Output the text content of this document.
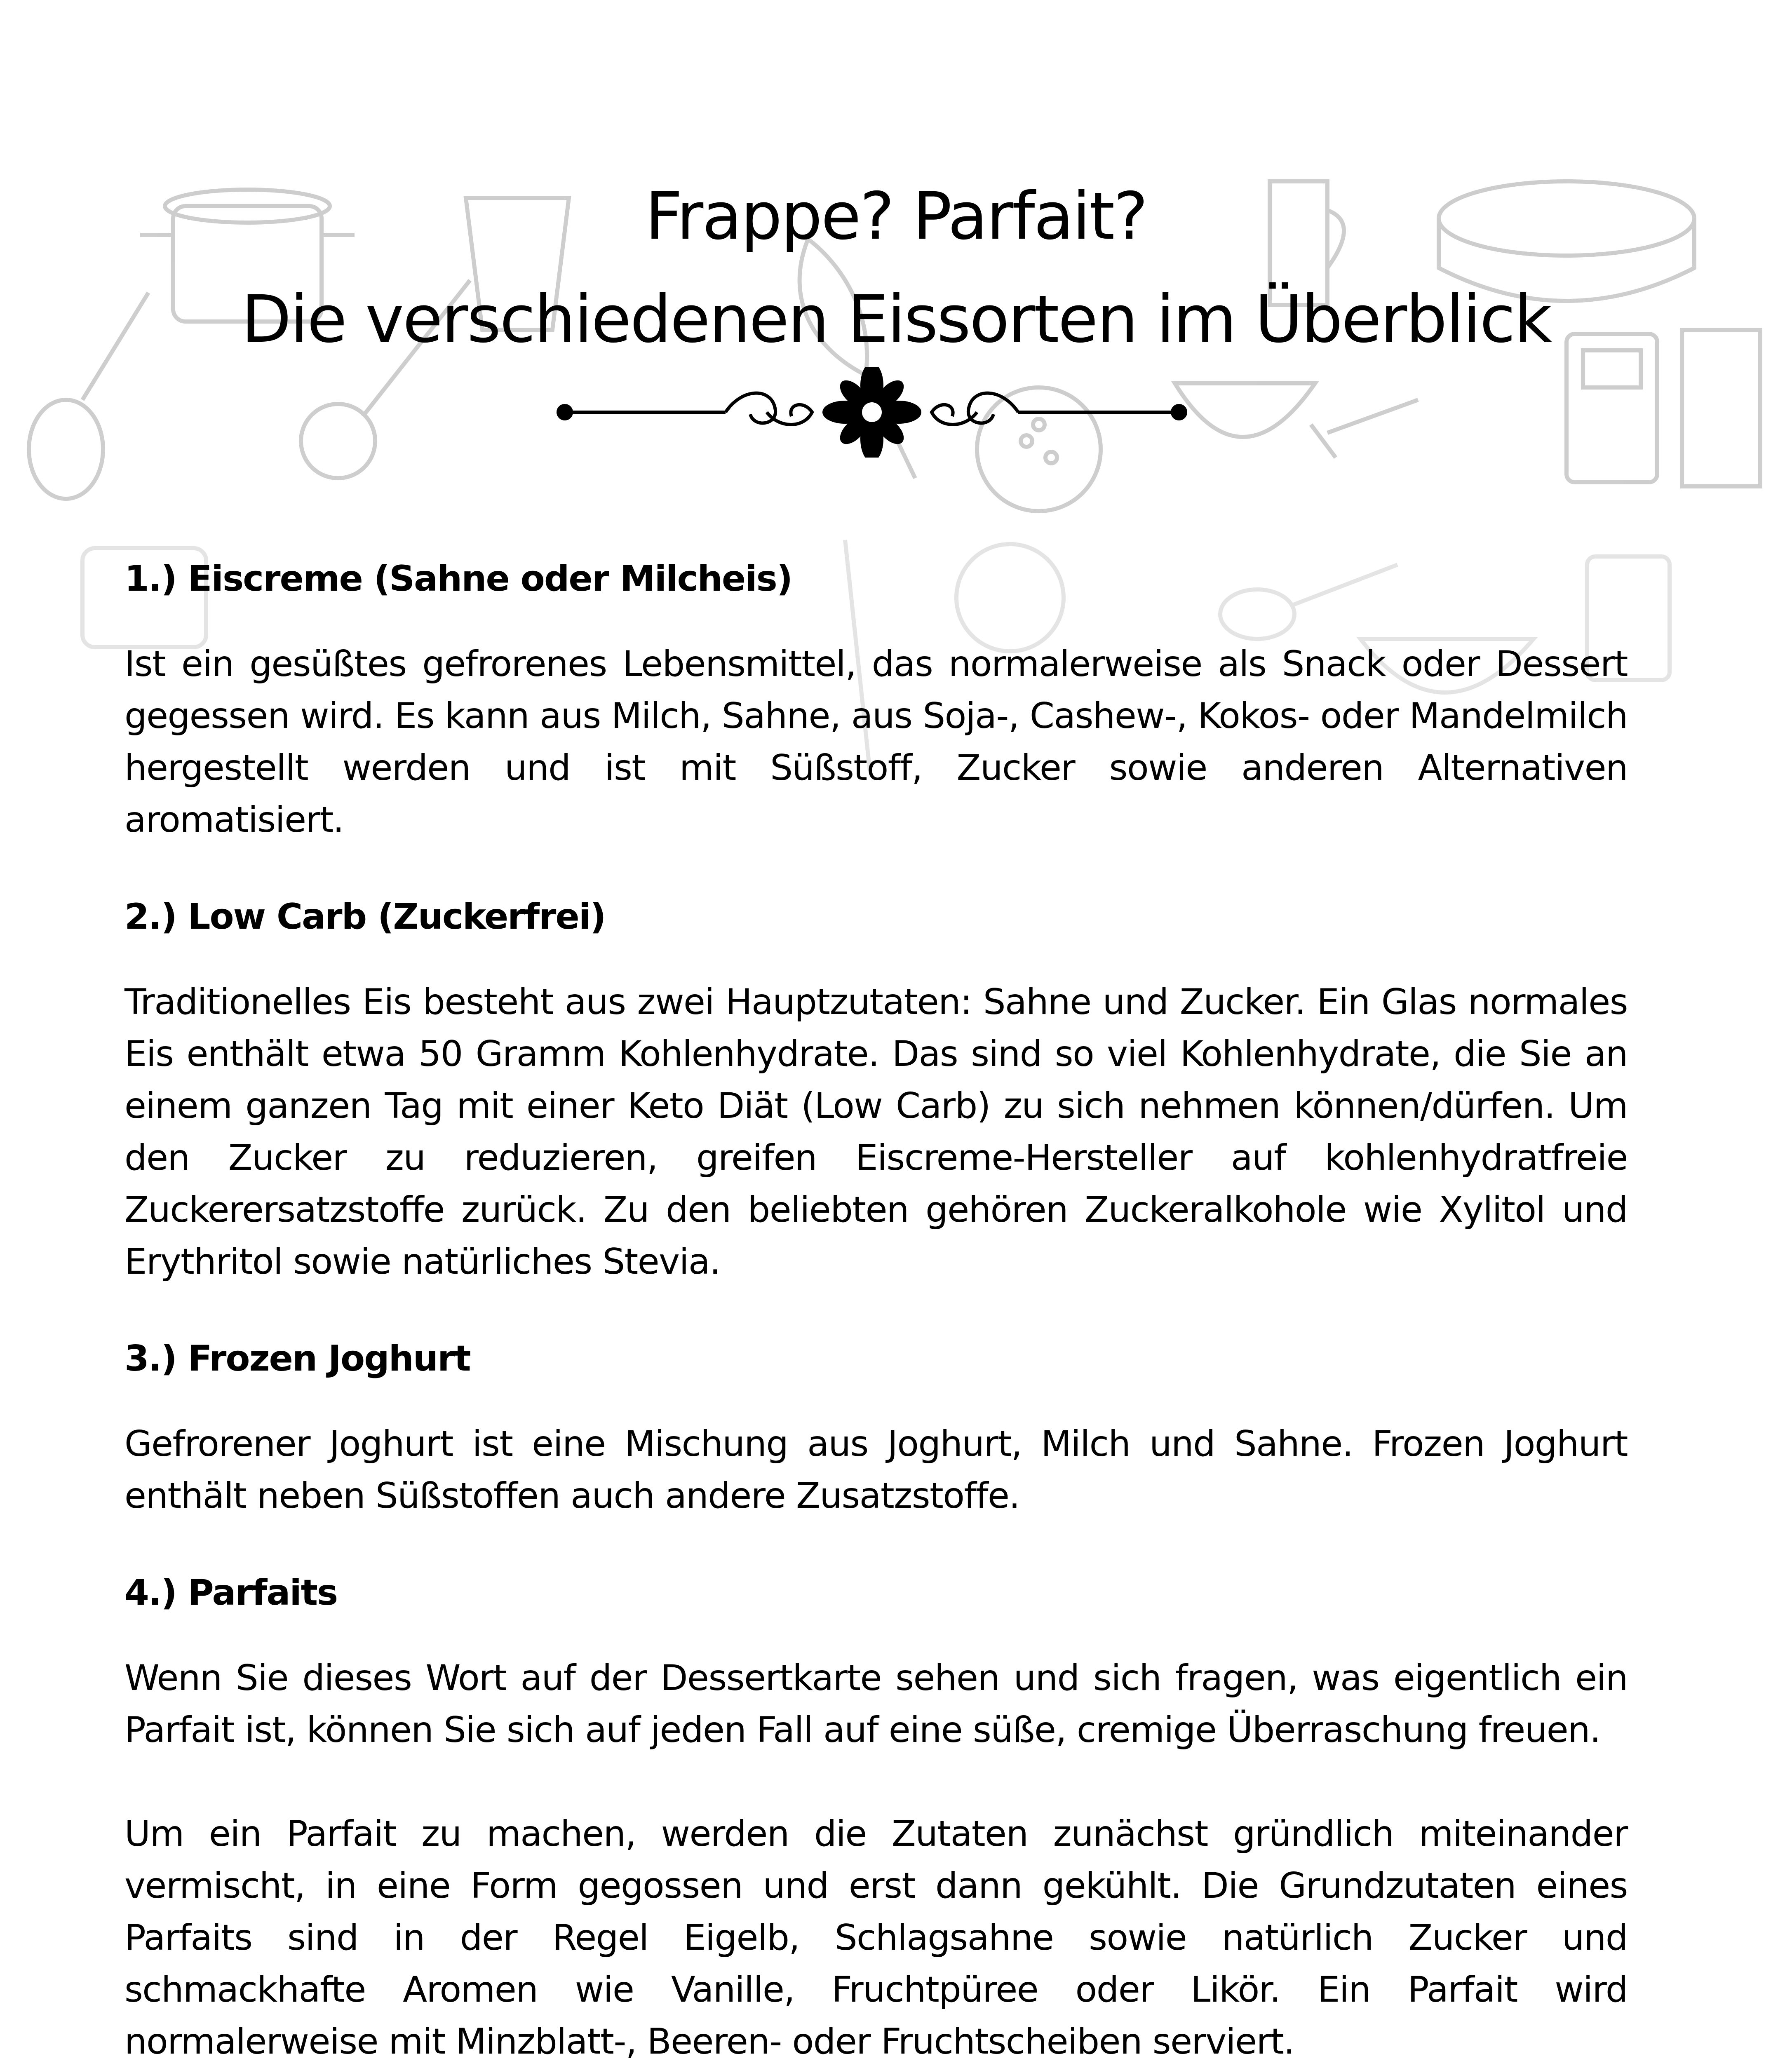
Frappe? Parfait?
Die verschiedenen Eissorten im Überblick
1.) Eiscreme (Sahne oder Milcheis)

Ist ein gesüßtes gefrorenes Lebensmittel, das normalerweise als Snack oder Dessert gegessen wird. Es kann aus Milch, Sahne, aus Soja-, Cashew-, Kokos- oder Mandelmilch hergestellt werden und ist mit Süßstoff, Zucker sowie anderen Alternativen aromatisiert.

2.) Low Carb (Zuckerfrei)

Traditionelles Eis besteht aus zwei Hauptzutaten: Sahne und Zucker. Ein Glas normales Eis enthält etwa 50 Gramm Kohlenhydrate. Das sind so viel Kohlenhydrate, die Sie an einem ganzen Tag mit einer Keto Diät (Low Carb) zu sich nehmen können/dürfen. Um den Zucker zu reduzieren, greifen Eiscreme-Hersteller auf kohlenhydratfreie Zuckerersatzstoffe zurück. Zu den beliebten gehören Zuckeralkohole wie Xylitol und Erythritol sowie natürliches Stevia.

3.) Frozen Joghurt

Gefrorener Joghurt ist eine Mischung aus Joghurt, Milch und Sahne. Frozen Joghurt enthält neben Süßstoffen auch andere Zusatzstoffe.

4.) Parfaits

Wenn Sie dieses Wort auf der Dessertkarte sehen und sich fragen, was eigentlich ein Parfait ist, können Sie sich auf jeden Fall auf eine süße, cremige Überraschung freuen.

Um ein Parfait zu machen, werden die Zutaten zunächst gründlich miteinander vermischt, in eine Form gegossen und erst dann gekühlt. Die Grundzutaten eines Parfaits sind in der Regel Eigelb, Schlagsahne sowie natürlich Zucker und schmackhafte Aromen wie Vanille, Fruchtpüree oder Likör. Ein Parfait wird normalerweise mit Minzblatt-, Beeren- oder Fruchtscheiben serviert.
